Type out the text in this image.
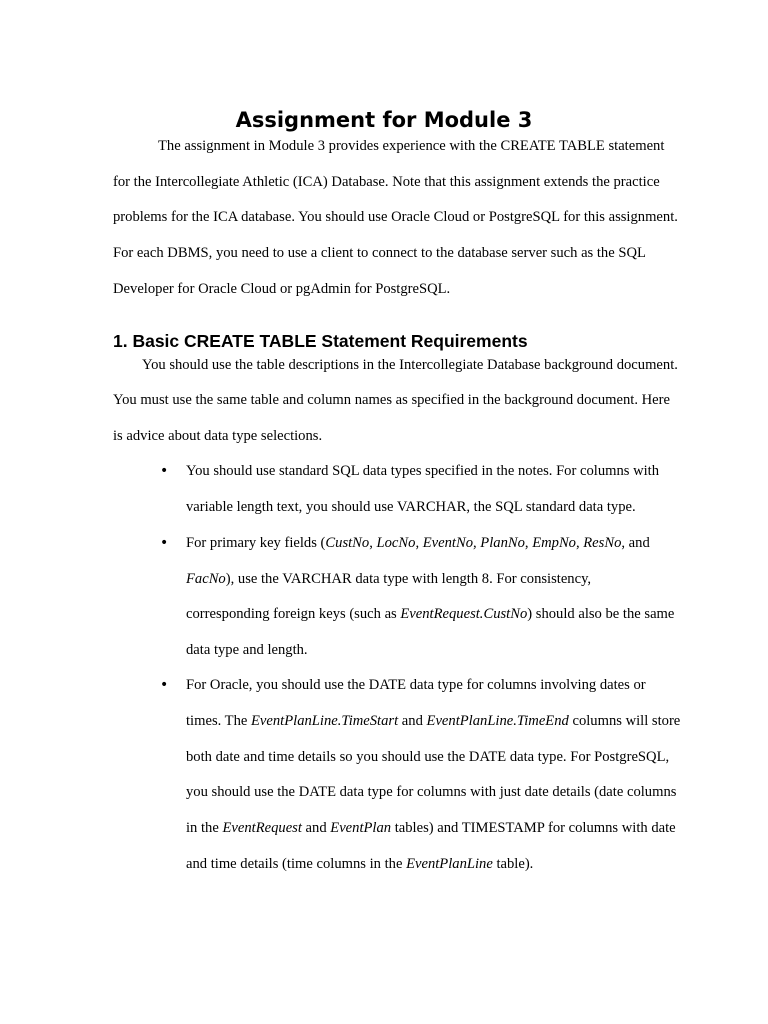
Assignment for Module 3

The assignment in Module 3 provides experience with the CREATE TABLE statement

for the Intercollegiate Athletic (ICA) Database. Note that this assignment extends the practice

problems for the ICA database. You should use Oracle Cloud or PostgreSQL for this assignment.

For each DBMS, you need to use a client to connect to the database server such as the SQL

Developer for Oracle Cloud or pgAdmin for PostgreSQL.

1. Basic CREATE TABLE Statement Requirements

You should use the table descriptions in the Intercollegiate Database background document.

You must use the same table and column names as specified in the background document. Here

is advice about data type selections.

• You should use standard SQL data types specified in the notes. For columns with

variable length text, you should use VARCHAR, the SQL standard data type.

• For primary key fields (CustNo, LocNo, EventNo, PlanNo, EmpNo, ResNo, and

FacNo), use the VARCHAR data type with length 8. For consistency,

corresponding foreign keys (such as EventRequest.CustNo) should also be the same

data type and length.

• For Oracle, you should use the DATE data type for columns involving dates or

times. The EventPlanLine.TimeStart and EventPlanLine.TimeEnd columns will store

both date and time details so you should use the DATE data type. For PostgreSQL,

you should use the DATE data type for columns with just date details (date columns

in the EventRequest and EventPlan tables) and TIMESTAMP for columns with date

and time details (time columns in the EventPlanLine table).
